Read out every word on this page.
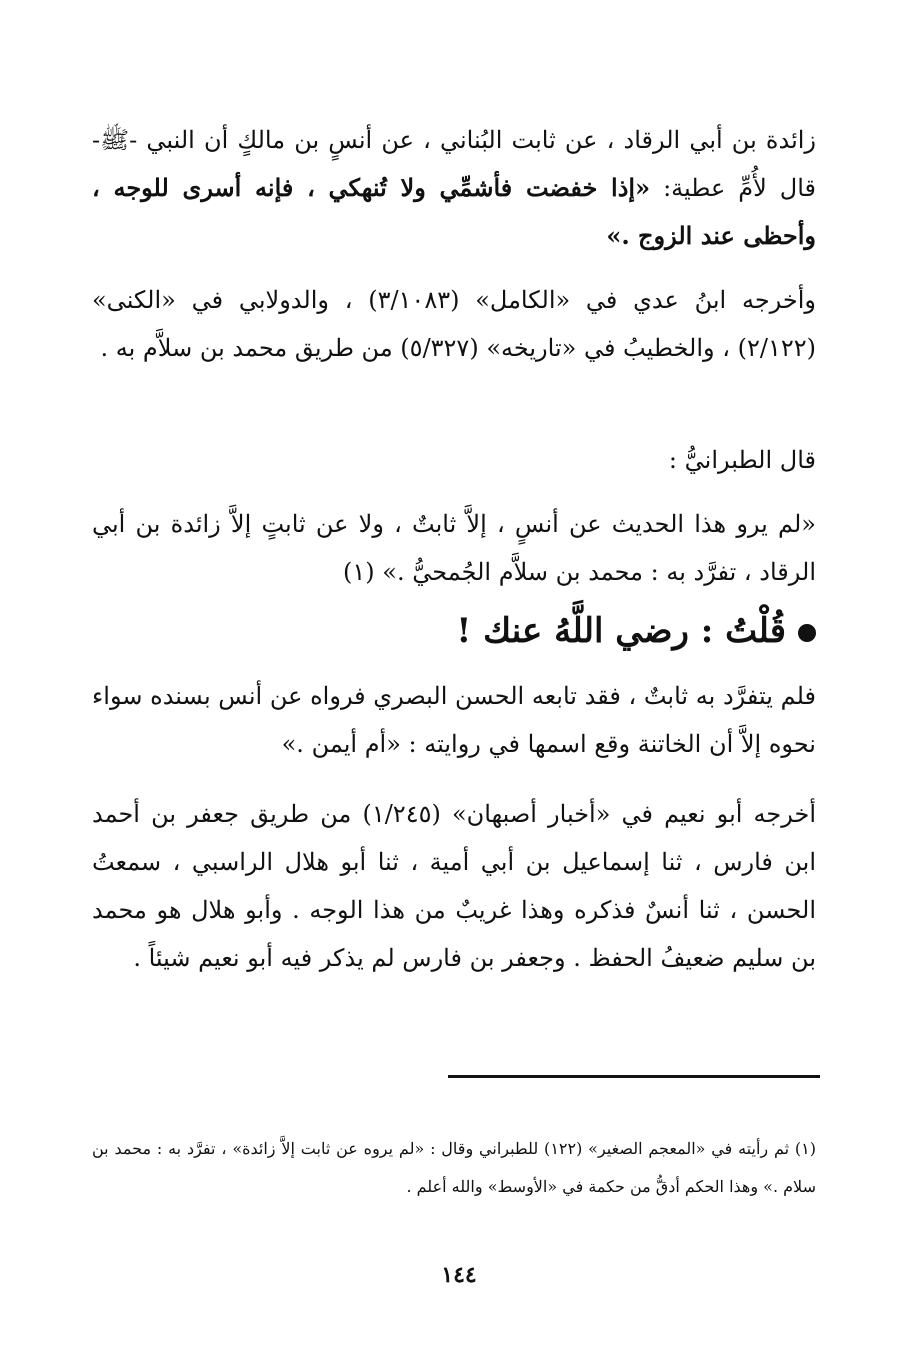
زائدة بن أبي الرقاد ، عن ثابت البُناني ، عن أنسٍ بن مالكٍ أن النبي -ﷺ- قال لأُمِّ عطية: «إذا خفضت فأشمِّي ولا تُنهكي ، فإنه أسرى للوجه ، وأحظى عند الزوج .»
وأخرجه ابنُ عدي في «الكامل» (٣/١٠٨٣) ، والدولابي في «الكنى» (٢/١٢٢) ، والخطيبُ في «تاريخه» (٥/٣٢٧) من طريق محمد بن سلاَّم به .
قال الطبرانيُّ :
«لم يرو هذا الحديث عن أنسٍ ، إلاَّ ثابتٌ ، ولا عن ثابتٍ إلاَّ زائدة بن أبي الرقاد ، تفرَّد به : محمد بن سلاَّم الجُمحيُّ .» (١)
قُلْتُ : رضي اللَّهُ عنك !
فلم يتفرَّد به ثابتٌ ، فقد تابعه الحسن البصري فرواه عن أنس بسنده سواء نحوه إلاَّ أن الخاتنة وقع اسمها في روايته : «أم أيمن .»
أخرجه أبو نعيم في «أخبار أصبهان» (١/٢٤٥) من طريق جعفر بن أحمد ابن فارس ، ثنا إسماعيل بن أبي أمية ، ثنا أبو هلال الراسبي ، سمعتُ الحسن ، ثنا أنسٌ فذكره وهذا غريبٌ من هذا الوجه . وأبو هلال هو محمد بن سليم ضعيفُ الحفظ . وجعفر بن فارس لم يذكر فيه أبو نعيم شيئاً .
(١) ثم رأيته في «المعجم الصغير» (١٢٢) للطبراني وقال : «لم يروه عن ثابت إلاَّ زائدة» ، تفرَّد به : محمد بن سلام .» وهذا الحكم أدقُّ من حكمة في «الأوسط» والله أعلم .
١٤٤
